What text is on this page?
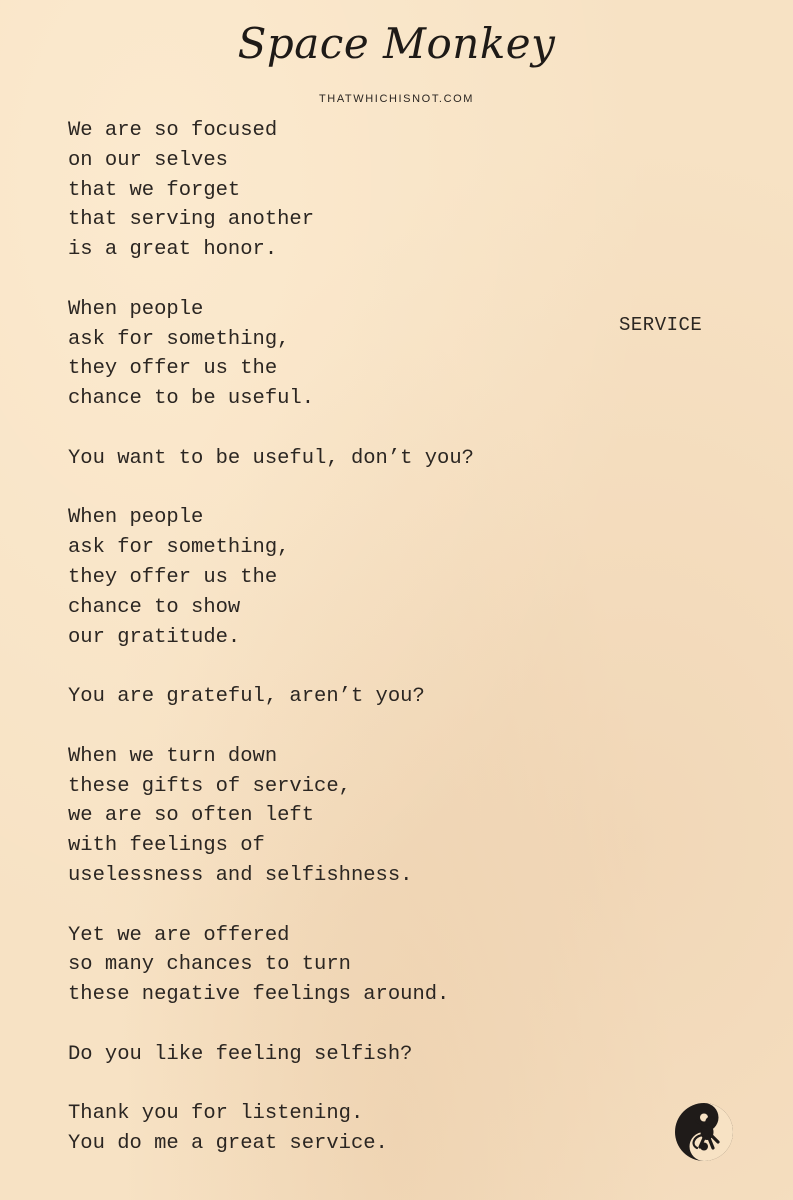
Space Monkey
THATWHICHISNOT.COM
We are so focused
on our selves
that we forget
that serving another
is a great honor.
When people
ask for something,
they offer us the
chance to be useful.
You want to be useful, don’t you?
When people
ask for something,
they offer us the
chance to show
our gratitude.
You are grateful, aren’t you?
When we turn down
these gifts of service,
we are so often left
with feelings of
uselessness and selfishness.
Yet we are offered
so many chances to turn
these negative feelings around.
Do you like feeling selfish?
Thank you for listening.
You do me a great service.
SERVICE
